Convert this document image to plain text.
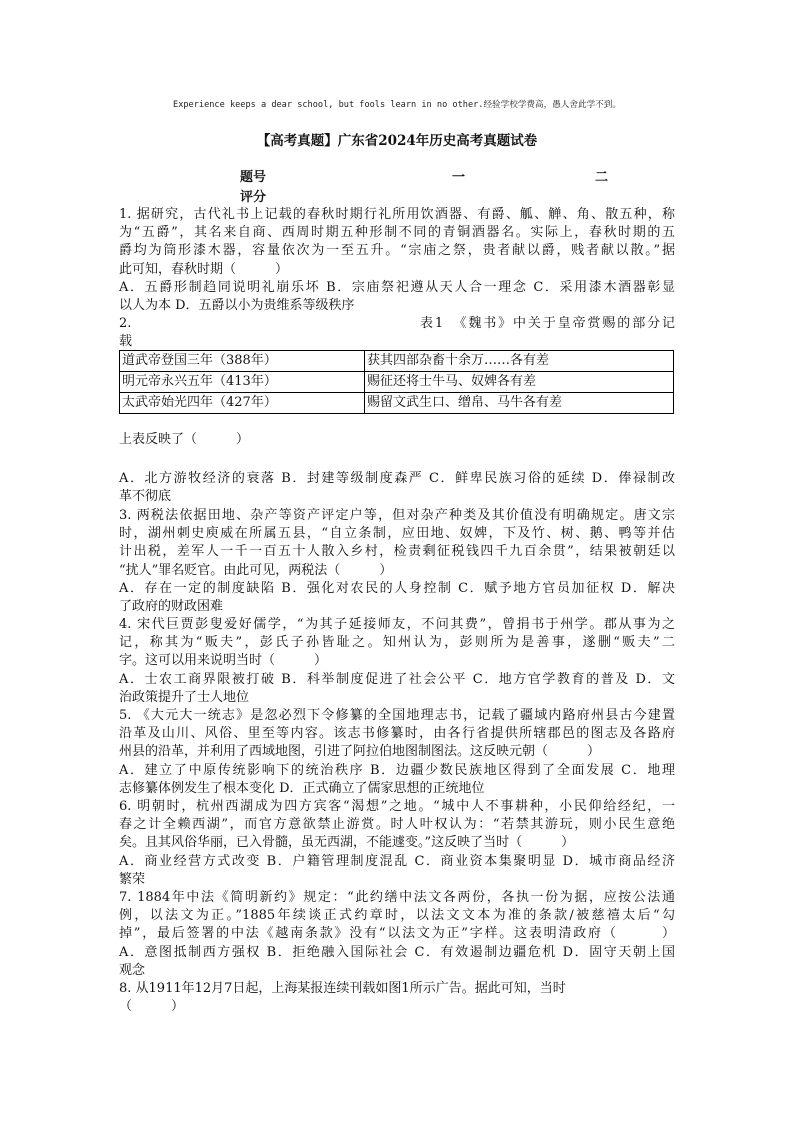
Experience keeps a dear school, but fools learn in no other.经验学校学费高，愚人舍此学不到。
【高考真题】广东省2024年历史高考真题试卷
题号	一	二
评分
1. 据研究，古代礼书上记载的春秋时期行礼所用饮酒器、有爵、觚、觯、角、散五种，称
为“五爵”，其名来自商、西周时期五种形制不同的青铜酒器名。实际上，春秋时期的五
爵均为筒形漆木器，容量依次为一至五升。“宗庙之祭，贵者献以爵，贱者献以散。”据
此可知，春秋时期（　　　）
A．五爵形制趋同说明礼崩乐坏 B．宗庙祭祀遵从天人合一理念 C．采用漆木酒器彰显
以人为本 D．五爵以小为贵维系等级秩序
2.	表1　《魏书》中关于皇帝赏赐的部分记
载
道武帝登国三年（388年）	获其四部杂畜十余万……各有差
明元帝永兴五年（413年）	赐征还将士牛马、奴婢各有差
太武帝始光四年（427年）	赐留文武生口、缯帛、马牛各有差
上表反映了（　　　）
A．北方游牧经济的衰落 B．封建等级制度森严 C．鲜卑民族习俗的延续 D．俸禄制改
革不彻底
3. 两税法依据田地、杂产等资产评定户等，但对杂产种类及其价值没有明确规定。唐文宗
时，湖州刺史庾威在所属五县，“自立条制，应田地、奴婢，下及竹、树、鹅、鸭等并估
计出税，差军人一千一百五十人散入乡村，检责剩征税钱四千九百余贯”，结果被朝廷以
“扰人”罪名贬官。由此可见，两税法（　　　）
A．存在一定的制度缺陷 B．强化对农民的人身控制 C．赋予地方官员加征权 D．解决
了政府的财政困难
4. 宋代巨贾彭叟爱好儒学，“为其子延接师友，不问其费”，曾捐书于州学。郡从事为之
记，称其为“贩夫”，彭氏子孙皆耻之。知州认为，彭则所为是善事，遂删“贩夫”二
字。这可以用来说明当时（　　　）
A．士农工商界限被打破 B．科举制度促进了社会公平 C．地方官学教育的普及 D．文
治政策提升了士人地位
5. 《大元大一统志》是忽必烈下令修纂的全国地理志书，记载了疆域内路府州县古今建置
沿革及山川、风俗、里至等内容。该志书修纂时，由各行省提供所辖郡邑的图志及各路府
州县的沿革，并利用了西域地图，引进了阿拉伯地图制图法。这反映元朝（　　　）
A．建立了中原传统影响下的统治秩序 B．边疆少数民族地区得到了全面发展 C．地理
志修纂体例发生了根本变化 D．正式确立了儒家思想的正统地位
6. 明朝时，杭州西湖成为四方宾客“渴想”之地。“城中人不事耕种，小民仰给经纪，一
春之计全赖西湖”，而官方意欲禁止游赏。时人叶权认为：“若禁其游玩，则小民生意绝
矣。且其风俗华丽，已入骨髓，虽无西湖，不能遽变。”这反映了当时（　　　）
A．商业经营方式改变 B．户籍管理制度混乱 C．商业资本集聚明显 D．城市商品经济
繁荣
7. 1884年中法《简明新约》规定：“此约缮中法文各两份，各执一份为据，应按公法通
例，以法文为正。”1885年续谈正式约章时，以法文文本为准的条款/被慈禧太后“勾
掉”，最后签署的中法《越南条款》没有“以法文为正”字样。这表明清政府（　　　）
A．意图抵制西方强权 B．拒绝融入国际社会 C．有效遏制边疆危机 D．固守天朝上国
观念
8. 从1911年12月7日起，上海某报连续刊载如图1所示广告。据此可知，当时
（　　　）
